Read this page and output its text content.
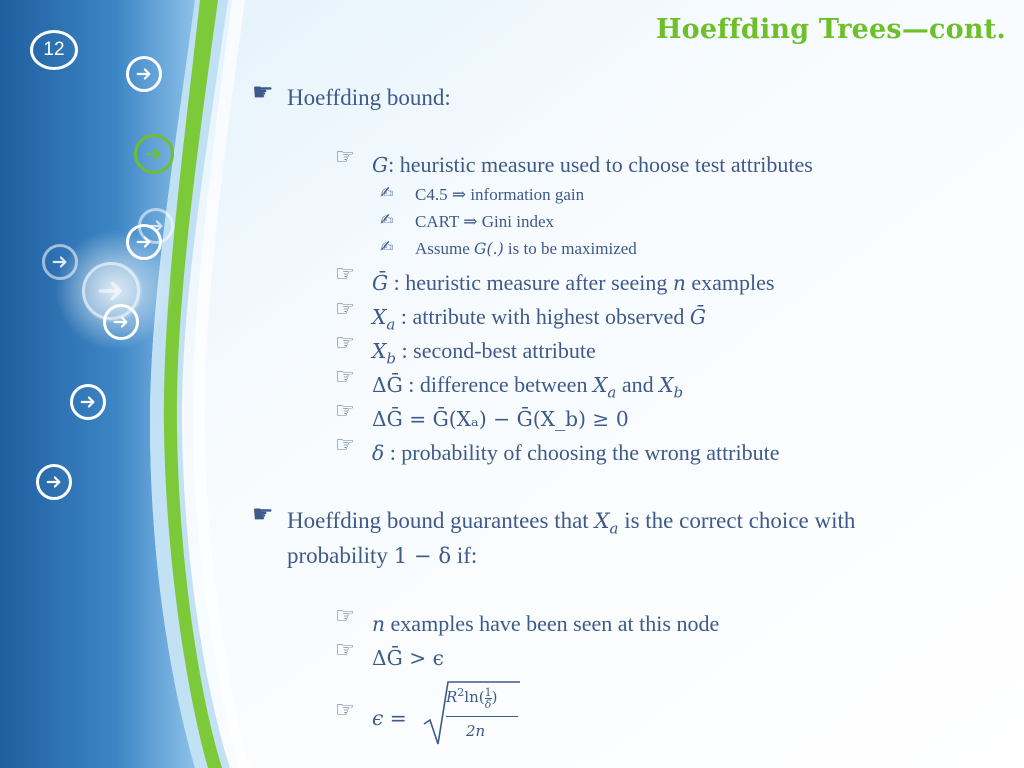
12
Hoeffding Trees—cont.
☛ Hoeffding bound:
☞ G: heuristic measure used to choose test attributes
✍ C4.5 ⇒ information gain
✍ CART ⇒ Gini index
✍ Assume G(.) is to be maximized
☞ Ḡ : heuristic measure after seeing n examples
☞ $X_a$ : attribute with highest observed Ḡ
☞ $X_b$ : second-best attribute
☞ ΔḠ : difference between $X_a$ and $X_b$
☞ ΔḠ = Ḡ(Xₐ) − Ḡ(X_b) ≥ 0
☞ δ : probability of choosing the wrong attribute
☛ Hoeffding bound guarantees that $X_a$ is the correct choice with
probability 1 − δ if:
☞ n examples have been seen at this node
☞ ΔḠ > ϵ
☞ ϵ =
$R^2\ln( \frac{1}{\delta}$ )
2n
